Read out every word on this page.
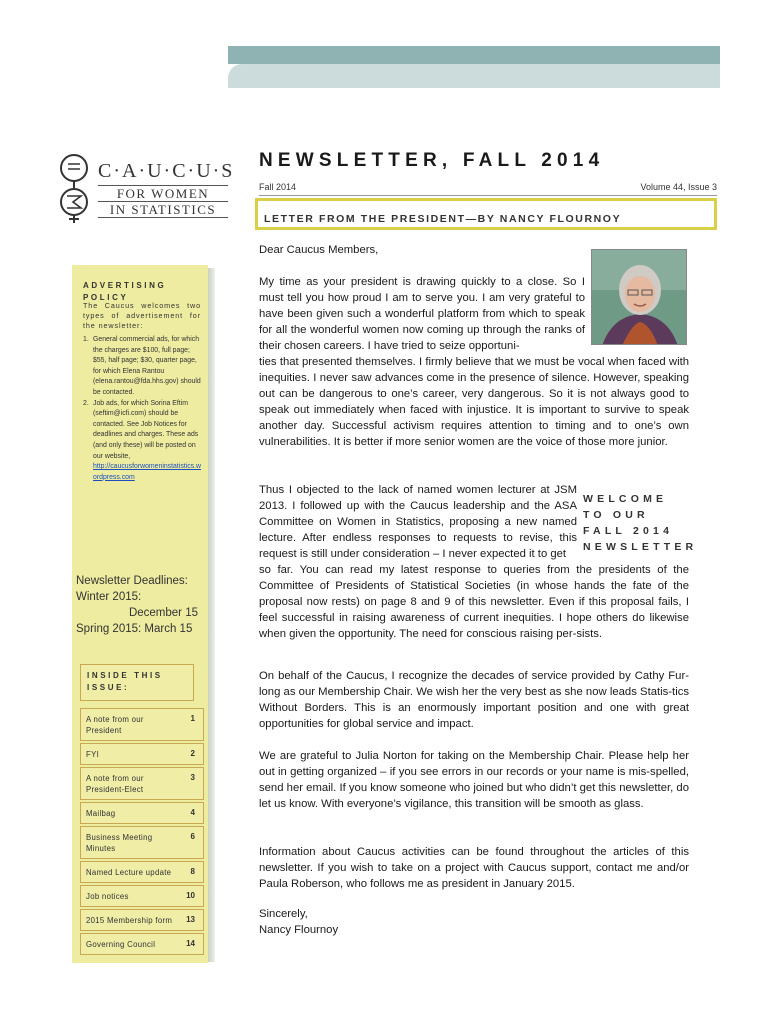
C·A·U·C·U·S
FOR WOMEN
IN STATISTICS
NEWSLETTER, FALL 2014
Fall 2014	Volume 44, Issue 3
LETTER FROM THE PRESIDENT—BY NANCY FLOURNOY
ADVERTISING
POLICY
The Caucus welcomes two types of advertisement for the newsletter:
1. General commercial ads, for which the charges are $100, full page; $55, half page; $30, quarter page, for which Elena Rantou (elena.rantou@fda.hhs.gov) should be contacted.
2. Job ads, for which Sorina Eftim (seftim@icfi.com) should be contacted. See Job Notices for deadlines and charges. These ads (and only these) will be posted on our website,
http://caucusforwomeninstatistics.wordpress.com
Newsletter Deadlines:
Winter 2015:
December 15
Spring 2015: March 15
INSIDE THIS
ISSUE:
A note from our President
1
FYI	2
A note from our President-Elect
3
Mailbag	4
Business Meeting Minutes
6
Named Lecture update	8
Job notices	10
2015 Membership form	13
Governing Council	14
Dear Caucus Members,
My time as your president is drawing quickly to a close. So I must tell you how proud I am to serve you. I am very grateful to have been given such a wonderful platform from which to speak for all the wonderful women now coming up through the ranks of their chosen careers. I have tried to seize opportuni-
ties that presented themselves. I firmly believe that we must be vocal when faced with inequities. I never saw advances come in the presence of silence. However, speaking out can be dangerous to one’s career, very dangerous. So it is not always good to speak out immediately when faced with injustice. It is important to survive to speak another day. Successful activism requires attention to timing and to one’s own vulnerabilities. It is better if more senior women are the voice of those more junior.
Thus I objected to the lack of named women lecturer at JSM 2013. I followed up with the Caucus leadership and the ASA Committee on Women in Statistics, proposing a new named lecture. After endless responses to requests to revise, this request is still under consideration – I never expected it to get
WELCOME TO OUR FALL 2014 NEWSLETTER
so far. You can read my latest response to queries from the presidents of the Committee of Presidents of Statistical Societies (in whose hands the fate of the proposal now rests) on page 8 and 9 of this newsletter. Even if this proposal fails, I feel successful in raising awareness of current inequities. I hope others do likewise when given the opportunity. The need for conscious raising per-sists.
On behalf of the Caucus, I recognize the decades of service provided by Cathy Fur-long as our Membership Chair. We wish her the very best as she now leads Statis-tics Without Borders. This is an enormously important position and one with great opportunities for global service and impact.
We are grateful to Julia Norton for taking on the Membership Chair. Please help her out in getting organized – if you see errors in our records or your name is mis-spelled, send her email. If you know someone who joined but who didn’t get this newsletter, do let us know. With everyone’s vigilance, this transition will be smooth as glass.
Information about Caucus activities can be found throughout the articles of this newsletter. If you wish to take on a project with Caucus support, contact me and/or Paula Roberson, who follows me as president in January 2015.
Sincerely,
Nancy Flournoy
